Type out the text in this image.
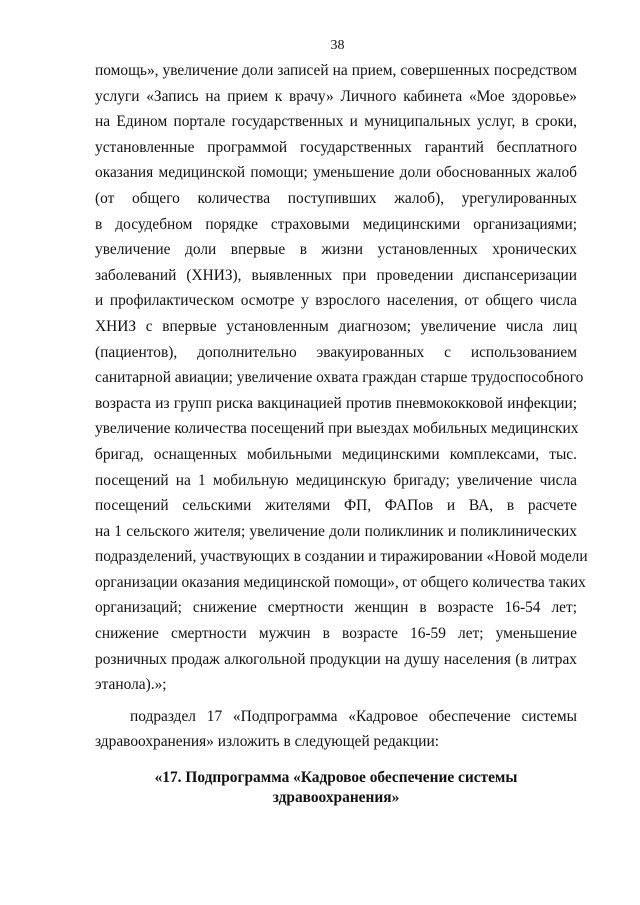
38
помощь», увеличение доли записей на прием, совершенных посредством
услуги «Запись на прием к врачу» Личного кабинета «Мое здоровье»
на Едином портале государственных и муниципальных услуг, в сроки,
установленные программой государственных гарантий бесплатного
оказания медицинской помощи; уменьшение доли обоснованных жалоб
(от общего количества поступивших жалоб), урегулированных
в досудебном порядке страховыми медицинскими организациями;
увеличение доли впервые в жизни установленных хронических
заболеваний (ХНИЗ), выявленных при проведении диспансеризации
и профилактическом осмотре у взрослого населения, от общего числа
ХНИЗ с впервые установленным диагнозом; увеличение числа лиц
(пациентов), дополнительно эвакуированных с использованием
санитарной авиации; увеличение охвата граждан старше трудоспособного
возраста из групп риска вакцинацией против пневмококковой инфекции;
увеличение количества посещений при выездах мобильных медицинских
бригад, оснащенных мобильными медицинскими комплексами, тыс.
посещений на 1 мобильную медицинскую бригаду; увеличение числа
посещений сельскими жителями ФП, ФАПов и ВА, в расчете
на 1 сельского жителя; увеличение доли поликлиник и поликлинических
подразделений, участвующих в создании и тиражировании «Новой модели
организации оказания медицинской помощи», от общего количества таких
организаций; снижение смертности женщин в возрасте 16-54 лет;
снижение смертности мужчин в возрасте 16-59 лет; уменьшение
розничных продаж алкогольной продукции на душу населения (в литрах
этанола).»;
подраздел 17 «Подпрограмма «Кадровое обеспечение системы
здравоохранения» изложить в следующей редакции:
«17. Подпрограмма «Кадровое обеспечение системы
здравоохранения»
